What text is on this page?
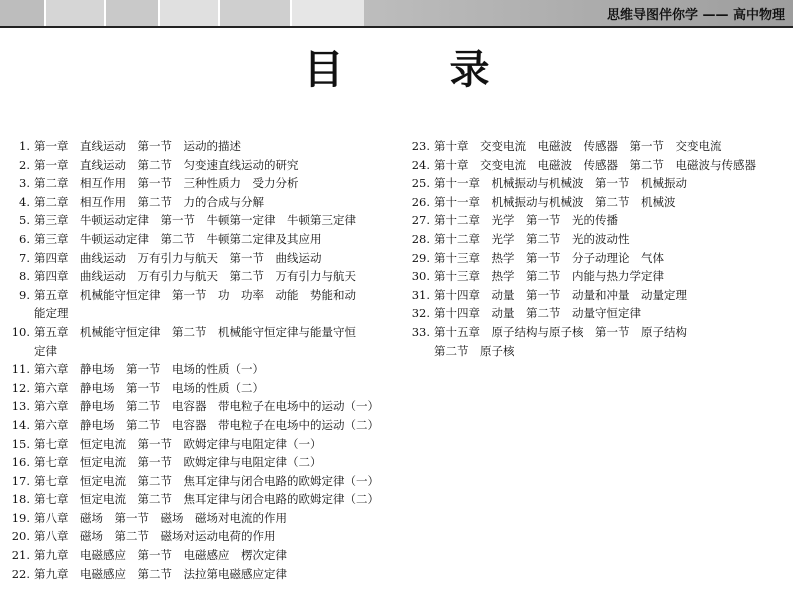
思维导图伴你学 —— 高中物理
目 录
1. 第一章　直线运动　第一节　运动的描述
2. 第一章　直线运动　第二节　匀变速直线运动的研究
3. 第二章　相互作用　第一节　三种性质力　受力分析
4. 第二章　相互作用　第二节　力的合成与分解
5. 第三章　牛顿运动定律　第一节　牛顿第一定律　牛顿第三定律
6. 第三章　牛顿运动定律　第二节　牛顿第二定律及其应用
7. 第四章　曲线运动　万有引力与航天　第一节　曲线运动
8. 第四章　曲线运动　万有引力与航天　第二节　万有引力与航天
9. 第五章　机械能守恒定律　第一节　功　功率　动能　势能和动
能定理
10. 第五章　机械能守恒定律　第二节　机械能守恒定律与能量守恒
定律
11. 第六章　静电场　第一节　电场的性质（一）
12. 第六章　静电场　第一节　电场的性质（二）
13. 第六章　静电场　第二节　电容器　带电粒子在电场中的运动（一）
14. 第六章　静电场　第二节　电容器　带电粒子在电场中的运动（二）
15. 第七章　恒定电流　第一节　欧姆定律与电阻定律（一）
16. 第七章　恒定电流　第一节　欧姆定律与电阻定律（二）
17. 第七章　恒定电流　第二节　焦耳定律与闭合电路的欧姆定律（一）
18. 第七章　恒定电流　第二节　焦耳定律与闭合电路的欧姆定律（二）
19. 第八章　磁场　第一节　磁场　磁场对电流的作用
20. 第八章　磁场　第二节　磁场对运动电荷的作用
21. 第九章　电磁感应　第一节　电磁感应　楞次定律
22. 第九章　电磁感应　第二节　法拉第电磁感应定律
23. 第十章　交变电流　电磁波　传感器　第一节　交变电流
24. 第十章　交变电流　电磁波　传感器　第二节　电磁波与传感器
25. 第十一章　机械振动与机械波　第一节　机械振动
26. 第十一章　机械振动与机械波　第二节　机械波
27. 第十二章　光学　第一节　光的传播
28. 第十二章　光学　第二节　光的波动性
29. 第十三章　热学　第一节　分子动理论　气体
30. 第十三章　热学　第二节　内能与热力学定律
31. 第十四章　动量　第一节　动量和冲量　动量定理
32. 第十四章　动量　第二节　动量守恒定律
33. 第十五章　原子结构与原子核　第一节　原子结构
第二节　原子核
